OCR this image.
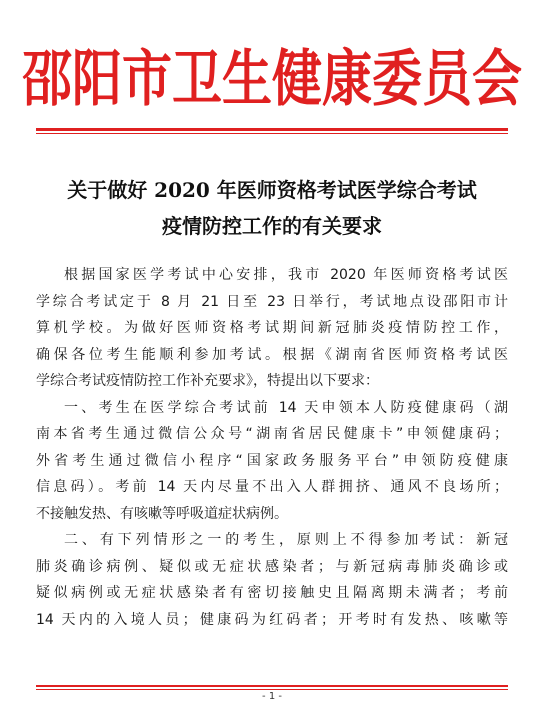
邵阳市卫生健康委员会
关于做好 2020 年医师资格考试医学综合考试
疫情防控工作的有关要求
根据国家医学考试中心安排，我市 2020 年医师资格考试医
学综合考试定于 8 月 21 日至 23 日举行，考试地点设邵阳市计
算机学校。为做好医师资格考试期间新冠肺炎疫情防控工作，
确保各位考生能顺利参加考试。根据《湖南省医师资格考试医
学综合考试疫情防控工作补充要求》，特提出以下要求：
一、考生在医学综合考试前 14 天申领本人防疫健康码（湖
南本省考生通过微信公众号“湖南省居民健康卡”申领健康码；
外省考生通过微信小程序“国家政务服务平台”申领防疫健康
信息码）。考前 14 天内尽量不出入人群拥挤、通风不良场所；
不接触发热、有咳嗽等呼吸道症状病例。
二、有下列情形之一的考生，原则上不得参加考试：新冠
肺炎确诊病例、疑似或无症状感染者；与新冠病毒肺炎确诊或
疑似病例或无症状感染者有密切接触史且隔离期未满者；考前
14 天内的入境人员；健康码为红码者；开考时有发热、咳嗽等
- 1 -
